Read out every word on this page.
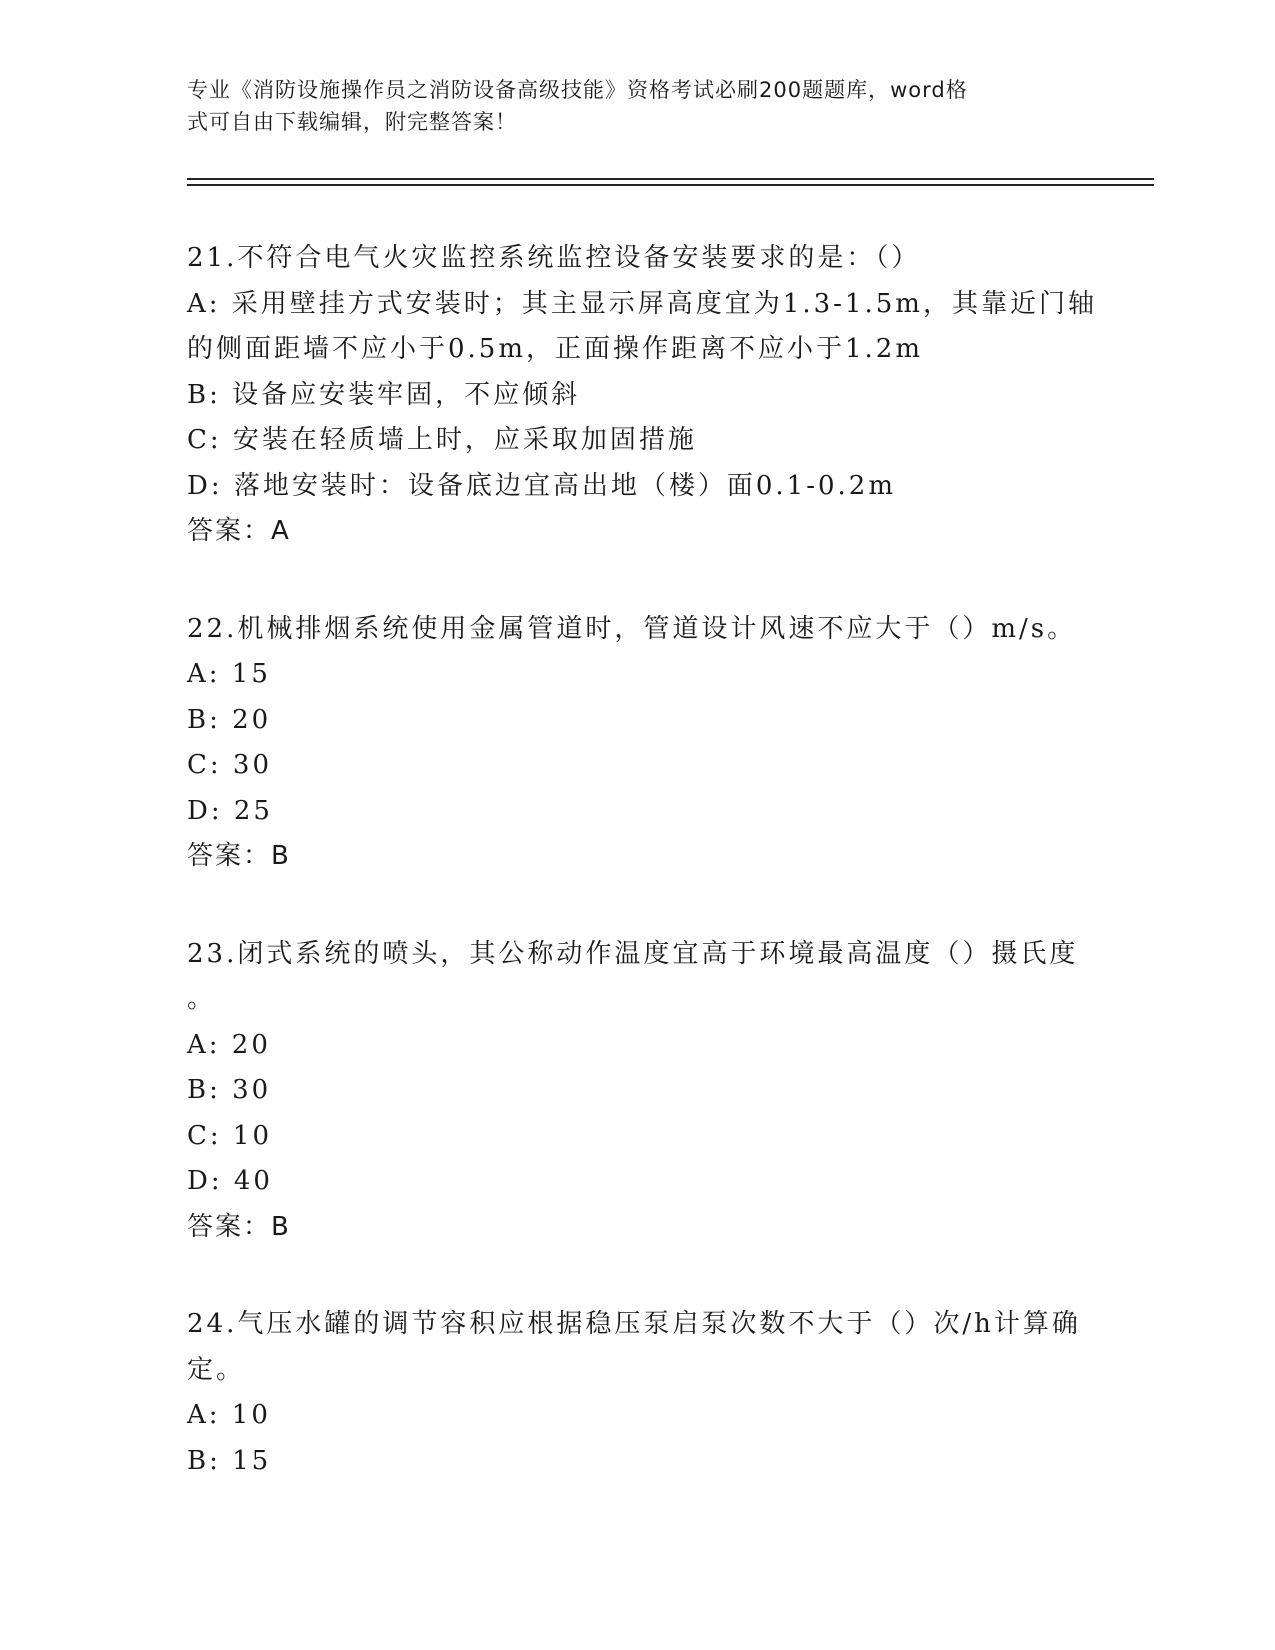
专业《消防设施操作员之消防设备高级技能》资格考试必刷200题题库，word格
式可自由下载编辑，附完整答案！
21.不符合电气火灾监控系统监控设备安装要求的是：（）
A: 采用壁挂方式安装时；其主显示屏高度宜为1.3-1.5m，其靠近门轴
的侧面距墙不应小于0.5m，正面操作距离不应小于1.2m
B: 设备应安装牢固，不应倾斜
C: 安装在轻质墙上时，应采取加固措施
D: 落地安装时：设备底边宜高出地（楼）面0.1-0.2m
答案：A
22.机械排烟系统使用金属管道时，管道设计风速不应大于（）m/s。
A: 15
B: 20
C: 30
D: 25
答案：B
23.闭式系统的喷头，其公称动作温度宜高于环境最高温度（）摄氏度
。
A: 20
B: 30
C: 10
D: 40
答案：B
24.气压水罐的调节容积应根据稳压泵启泵次数不大于（）次/h计算确
定。
A: 10
B: 15
